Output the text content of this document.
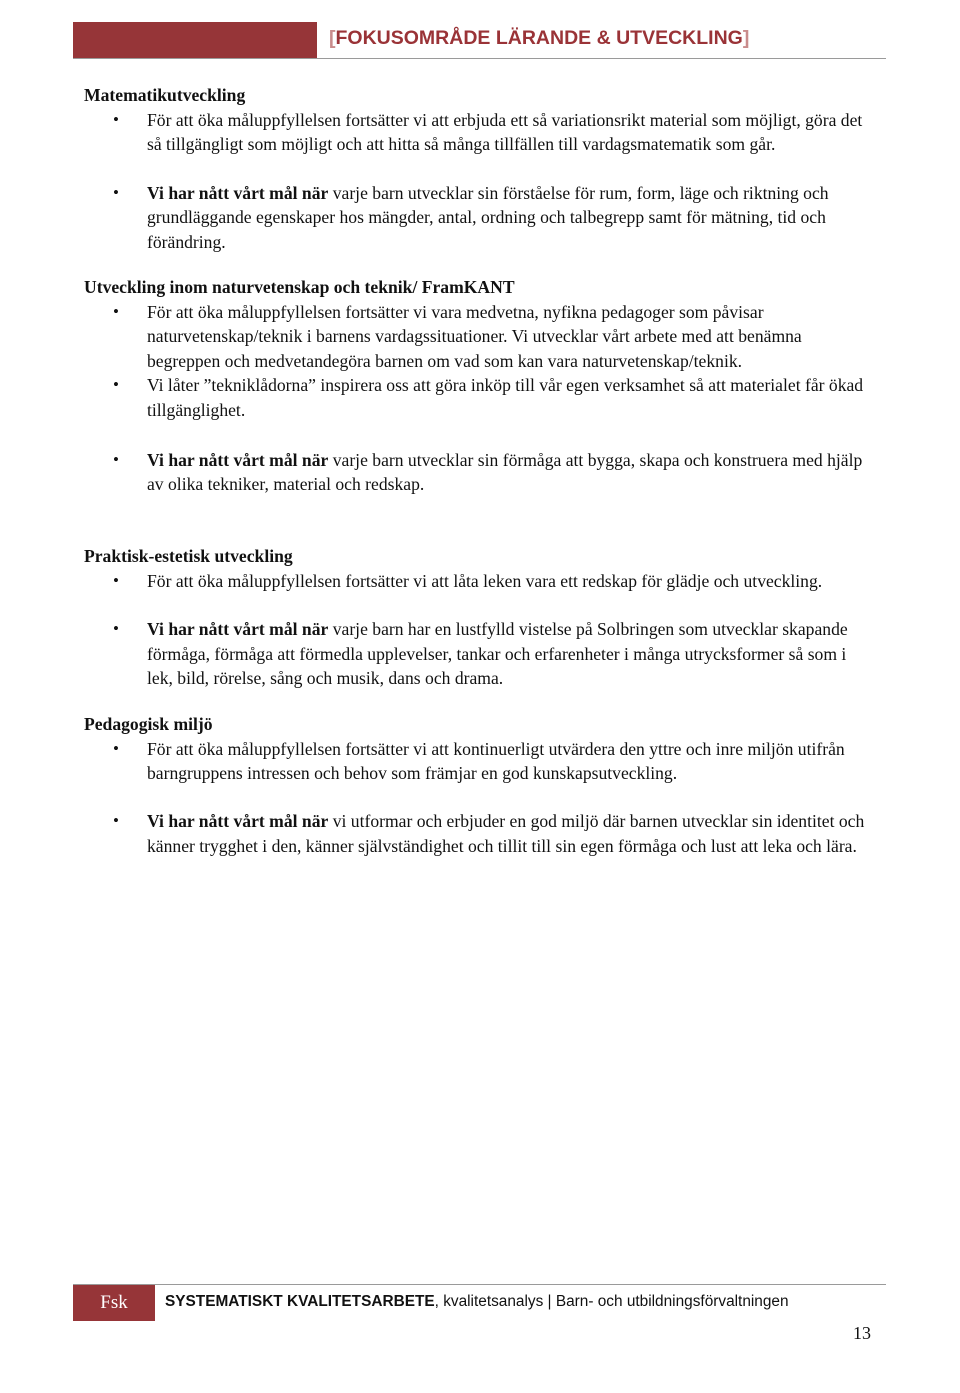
[FOKUSOMRÅDE LÄRANDE & UTVECKLING]
Matematikutveckling
• För att öka måluppfyllelsen fortsätter vi att erbjuda ett så variationsrikt material som möjligt, göra det så tillgängligt som möjligt och att hitta så många tillfällen till vardagsmatematik som går.
• Vi har nått vårt mål när varje barn utvecklar sin förståelse för rum, form, läge och riktning och grundläggande egenskaper hos mängder, antal, ordning och talbegrepp samt för mätning, tid och förändring.
Utveckling inom naturvetenskap och teknik/ FramKANT
• För att öka måluppfyllelsen fortsätter vi vara medvetna, nyfikna pedagoger som påvisar naturvetenskap/teknik i barnens vardagssituationer. Vi utvecklar vårt arbete med att benämna begreppen och medvetandegöra barnen om vad som kan vara naturvetenskap/teknik.
• Vi låter ”tekniklådorna” inspirera oss att göra inköp till vår egen verksamhet så att materialet får ökad tillgänglighet.
• Vi har nått vårt mål när varje barn utvecklar sin förmåga att bygga, skapa och konstruera med hjälp av olika tekniker, material och redskap.
Praktisk-estetisk utveckling
• För att öka måluppfyllelsen fortsätter vi att låta leken vara ett redskap för glädje och utveckling.
• Vi har nått vårt mål när varje barn har en lustfylld vistelse på Solbringen som utvecklar skapande förmåga, förmåga att förmedla upplevelser, tankar och erfarenheter i många utrycksformer så som i lek, bild, rörelse, sång och musik, dans och drama.
Pedagogisk miljö
• För att öka måluppfyllelsen fortsätter vi att kontinuerligt utvärdera den yttre och inre miljön utifrån barngruppens intressen och behov som främjar en god kunskapsutveckling.
• Vi har nått vårt mål när vi utformar och erbjuder en god miljö där barnen utvecklar sin identitet och känner trygghet i den, känner självständighet och tillit till sin egen förmåga och lust att leka och lära.
Fsk SYSTEMATISKT KVALITETSARBETE, kvalitetsanalys | Barn- och utbildningsförvaltningen
13
